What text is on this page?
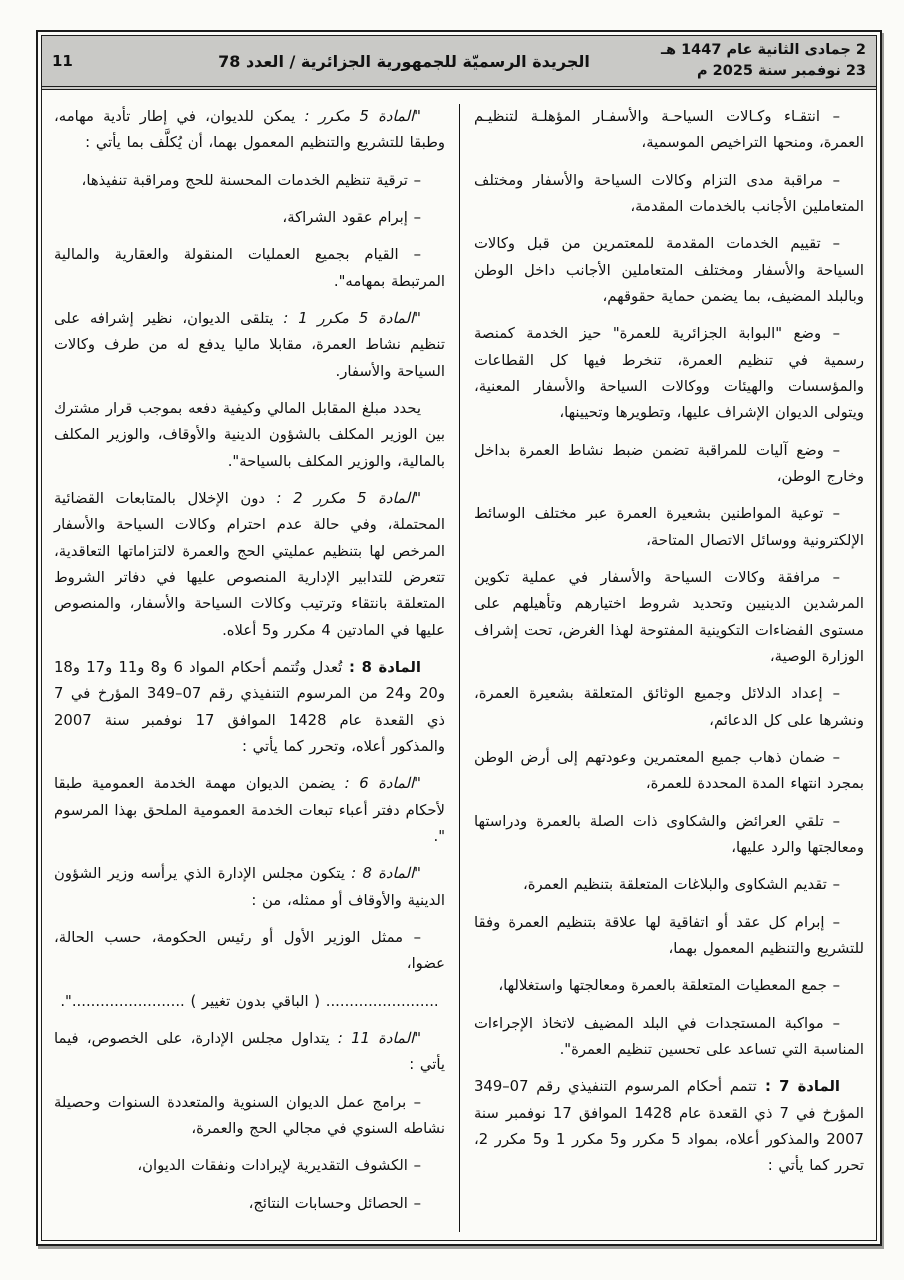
2 جمادى الثانية عام 1447 هـ
23 نوفمبر سنة 2025 م
الجريدة الرسميّة للجمهورية الجزائرية / العدد 78
11

– انتقـاء وكـالات السياحـة والأسفـار المؤهلـة لتنظيـم العمرة، ومنحها التراخيص الموسمية،

– مراقبة مدى التزام وكالات السياحة والأسفار ومختلف المتعاملين الأجانب بالخدمات المقدمة،

– تقييم الخدمات المقدمة للمعتمرين من قبل وكالات السياحة والأسفار ومختلف المتعاملين الأجانب داخل الوطن وبالبلد المضيف، بما يضمن حماية حقوقهم،

– وضع "البوابة الجزائرية للعمرة" حيز الخدمة كمنصة رسمية في تنظيم العمرة، تنخرط فيها كل القطاعات والمؤسسات والهيئات ووكالات السياحة والأسفار المعنية، ويتولى الديوان الإشراف عليها، وتطويرها وتحيينها،

– وضع آليات للمراقبة تضمن ضبط نشاط العمرة بداخل وخارج الوطن،

– توعية المواطنين بشعيرة العمرة عبر مختلف الوسائط الإلكترونية ووسائل الاتصال المتاحة،

– مرافقة وكالات السياحة والأسفار في عملية تكوين المرشدين الدينيين وتحديد شروط اختيارهم وتأهيلهم على مستوى الفضاءات التكوينية المفتوحة لهذا الغرض، تحت إشراف الوزارة الوصية،

– إعداد الدلائل وجميع الوثائق المتعلقة بشعيرة العمرة، ونشرها على كل الدعائم،

– ضمان ذهاب جميع المعتمرين وعودتهم إلى أرض الوطن بمجرد انتهاء المدة المحددة للعمرة،

– تلقي العرائض والشكاوى ذات الصلة بالعمرة ودراستها ومعالجتها والرد عليها،

– تقديم الشكاوى والبلاغات المتعلقة بتنظيم العمرة،

– إبرام كل عقد أو اتفاقية لها علاقة بتنظيم العمرة وفقا للتشريع والتنظيم المعمول بهما،

– جمع المعطيات المتعلقة بالعمرة ومعالجتها واستغلالها،

– مواكبة المستجدات في البلد المضيف لاتخاذ الإجراءات المناسبة التي تساعد على تحسين تنظيم العمرة".

المادة 7 : تتمم أحكام المرسوم التنفيذي رقم 07–349 المؤرخ في 7 ذي القعدة عام 1428 الموافق 17 نوفمبر سنة 2007 والمذكور أعلاه، بمواد 5 مكرر و5 مكرر 1 و5 مكرر 2، تحرر كما يأتي :

"المادة 5 مكرر : يمكن للديوان، في إطار تأدية مهامه، وطبقا للتشريع والتنظيم المعمول بهما، أن يُكلَّف بما يأتي :

– ترقية تنظيم الخدمات المحسنة للحج ومراقبة تنفيذها،

– إبرام عقود الشراكة،

– القيام بجميع العمليات المنقولة والعقارية والمالية المرتبطة بمهامه".

"المادة 5 مكرر 1 : يتلقى الديوان، نظير إشرافه على تنظيم نشاط العمرة، مقابلا ماليا يدفع له من طرف وكالات السياحة والأسفار.

يحدد مبلغ المقابل المالي وكيفية دفعه بموجب قرار مشترك بين الوزير المكلف بالشؤون الدينية والأوقاف، والوزير المكلف بالمالية، والوزير المكلف بالسياحة".

"المادة 5 مكرر 2 : دون الإخلال بالمتابعات القضائية المحتملة، وفي حالة عدم احترام وكالات السياحة والأسفار المرخص لها بتنظيم عمليتي الحج والعمرة لالتزاماتها التعاقدية، تتعرض للتدابير الإدارية المنصوص عليها في دفاتر الشروط المتعلقة بانتقاء وترتيب وكالات السياحة والأسفار، والمنصوص عليها في المادتين 4 مكرر و5 أعلاه.

المادة 8 : تُعدل وتُتمم أحكام المواد 6 و8 و11 و17 و18 و20 و24 من المرسوم التنفيذي رقم 07–349 المؤرخ في 7 ذي القعدة عام 1428 الموافق 17 نوفمبر سنة 2007 والمذكور أعلاه، وتحرر كما يأتي :

"المادة 6 : يضمن الديوان مهمة الخدمة العمومية طبقا لأحكام دفتر أعباء تبعات الخدمة العمومية الملحق بهذا المرسوم ".

"المادة 8 : يتكون مجلس الإدارة الذي يرأسه وزير الشؤون الدينية والأوقاف أو ممثله، من :

– ممثل الوزير الأول أو رئيس الحكومة، حسب الحالة، عضوا،

........................ ( الباقي بدون تغيير ) ........................".

"المادة 11 : يتداول مجلس الإدارة، على الخصوص، فيما يأتي :

– برامج عمل الديوان السنوية والمتعددة السنوات وحصيلة نشاطه السنوي في مجالي الحج والعمرة،

– الكشوف التقديرية لإيرادات ونفقات الديوان،

– الحصائل وحسابات النتائج،
